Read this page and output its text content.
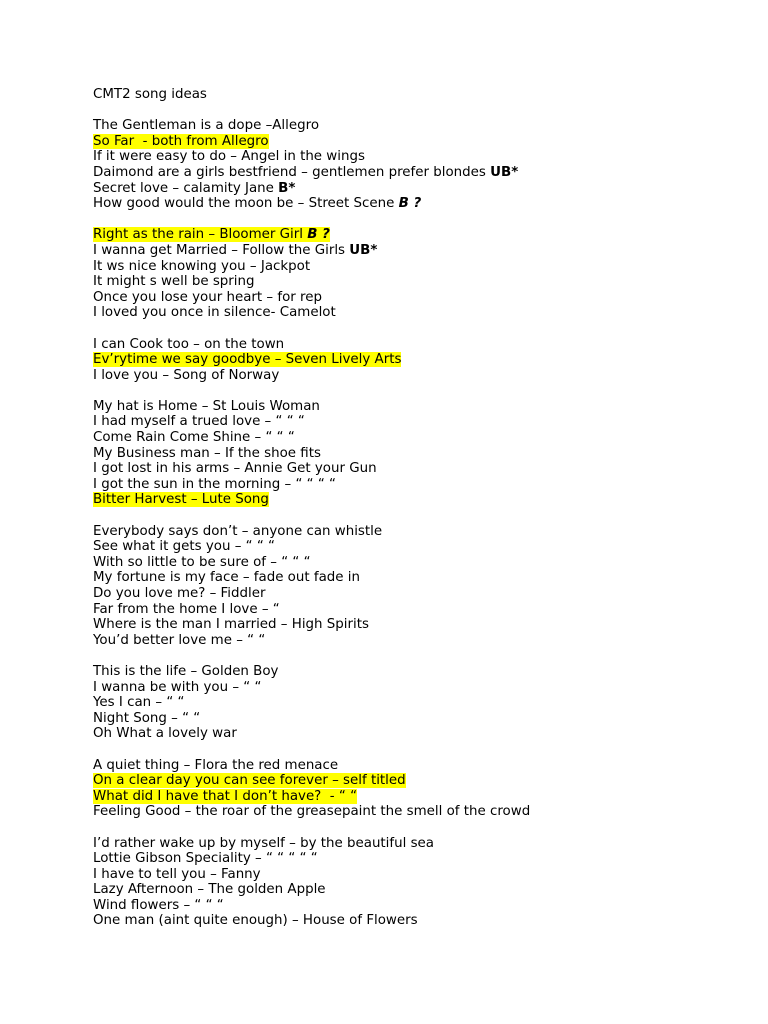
CMT2 song ideas
The Gentleman is a dope –Allegro
So Far  - both from Allegro
If it were easy to do – Angel in the wings
Daimond are a girls bestfriend – gentlemen prefer blondes UB*
Secret love – calamity Jane B*
How good would the moon be – Street Scene B ?
Right as the rain – Bloomer Girl B ?
I wanna get Married – Follow the Girls UB*
It ws nice knowing you – Jackpot
It might s well be spring
Once you lose your heart – for rep
I loved you once in silence- Camelot
I can Cook too – on the town
Ev’rytime we say goodbye – Seven Lively Arts
I love you – Song of Norway
My hat is Home – St Louis Woman
I had myself a trued love – “ “ “
Come Rain Come Shine – “ “ “
My Business man – If the shoe fits
I got lost in his arms – Annie Get your Gun
I got the sun in the morning – “ “ “ “
Bitter Harvest – Lute Song
Everybody says don’t – anyone can whistle
See what it gets you – “ “ “
With so little to be sure of – “ “ “
My fortune is my face – fade out fade in
Do you love me? – Fiddler
Far from the home I love – “
Where is the man I married – High Spirits
You’d better love me – “ “
This is the life – Golden Boy
I wanna be with you – “ “
Yes I can – “ “
Night Song – “ “
Oh What a lovely war
A quiet thing – Flora the red menace
On a clear day you can see forever – self titled
What did I have that I don’t have?  - “ “
Feeling Good – the roar of the greasepaint the smell of the crowd
I’d rather wake up by myself – by the beautiful sea
Lottie Gibson Speciality – “ “ “ “ “
I have to tell you – Fanny
Lazy Afternoon – The golden Apple
Wind flowers – “ “ “
One man (aint quite enough) – House of Flowers
